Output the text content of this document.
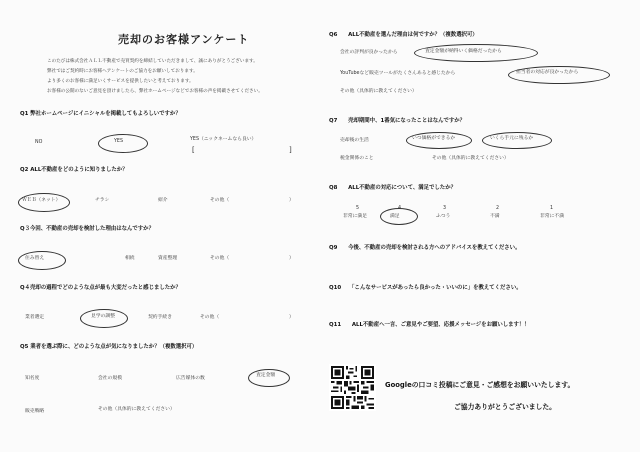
売却のお客様アンケート
このたびは株式会社ＡＬＬ不動産で売買契約を締結していただきまして、誠にありがとうございます。
弊社ではご契約時にお客様へアンケートのご協力をお願いしております。
より多くのお客様に満足いくサービスを提供したいと考えております。
お客様の公開のないご意見を頂けましたら、弊社ホームページなどでお客様の声を掲載させてください。
Q1 弊社ホームページにイニシャルを掲載してもよろしいですか？
NO	YES	YES（ニックネームなら良い）
[	]
Q2 ALL不動産をどのように知りましたか？
ＷＥＢ（ネット）	チラシ	紹介	その他（	）
Q３今回、不動産の売却を検討した理由はなんですか？
住み替え	相続	資産整理	その他（	）
Q４売却の過程でどのような点が最も大変だったと感じましたか？
業者選定	見学の調整	契約手続き	その他（	）
Q5 業者を選ぶ際に、どのような点が気になりましたか？（複数選択可）
知名度	会社の規模	広告媒体の数
査定金額
販売戦略	その他（具体的に教えてください）
Q6　　ALL不動産を選んだ理由は何ですか？（複数選択可）
会社の評判が良かったから	査定金額が納得いく価格だったから
YouTubeなど販売ツールがたくさんあると感じたから	担当者の対応が良かったから
その他（具体的に教えてください）
Q7　　売却期間中、1番気になったことはなんですか？
売却後の生活	いつ価格ができるか	いくら手元に残るか
税金関係のこと	その他（具体的に教えてください）
Q8　　ALL不動産の対応について、満足でしたか？
5	4	3	2	1
非常に満足	満足	ふつう	不満	非常に不満
Q9　　今後、不動産の売却を検討される方へのアドバイスを教えてください。
Q10　　「こんなサービスがあったら良かった・いいのに」を教えてください。
Q11　　ALL不動産へ一言、ご意見やご要望、応援メッセージをお願いします！！
Googleの口コミ投稿にご意見・ご感想をお願いいたします。
ご協力ありがとうございました。
